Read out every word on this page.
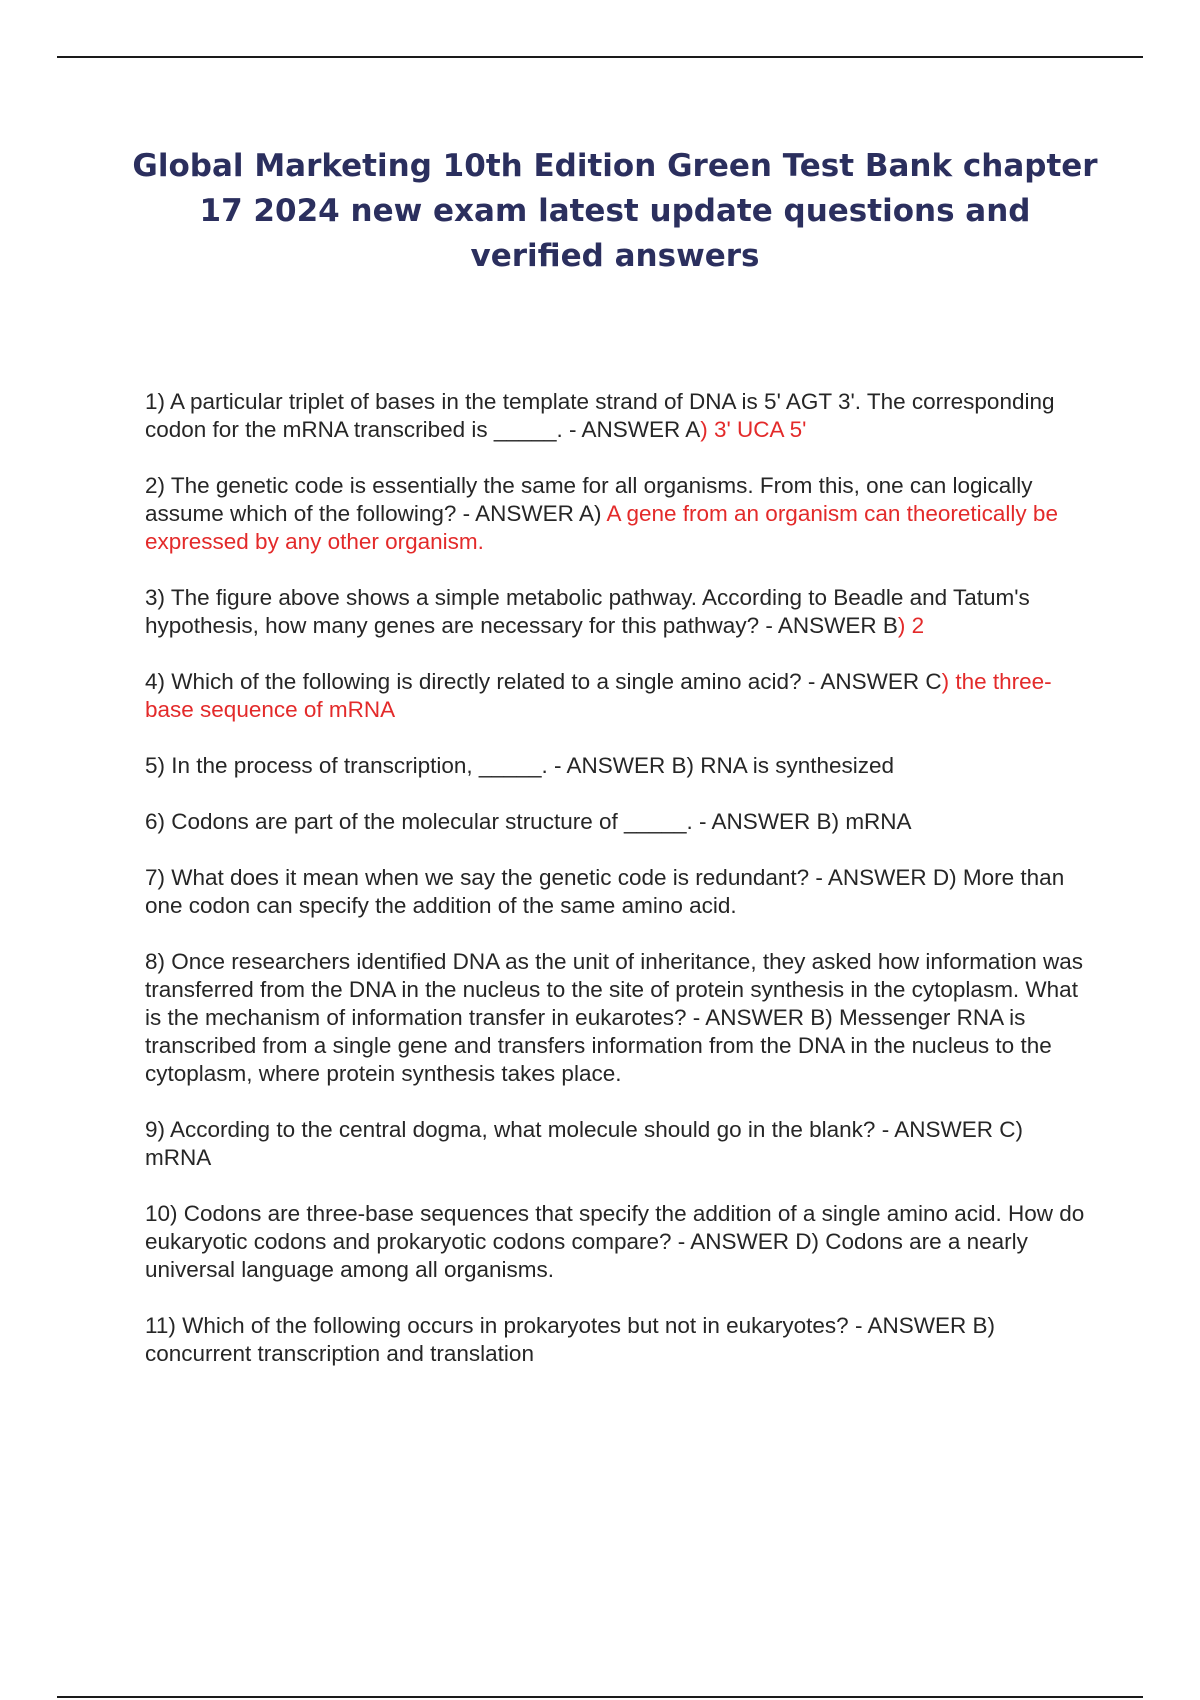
Global Marketing 10th Edition Green Test Bank chapter 17 2024 new exam latest update questions and verified answers
1) A particular triplet of bases in the template strand of DNA is 5' AGT 3'. The corresponding codon for the mRNA transcribed is _____. - ANSWER A) 3' UCA 5'
2) The genetic code is essentially the same for all organisms. From this, one can logically assume which of the following? - ANSWER A) A gene from an organism can theoretically be expressed by any other organism.
3) The figure above shows a simple metabolic pathway. According to Beadle and Tatum's hypothesis, how many genes are necessary for this pathway? - ANSWER B) 2
4) Which of the following is directly related to a single amino acid? - ANSWER C) the three-base sequence of mRNA
5) In the process of transcription, _____. - ANSWER B) RNA is synthesized
6) Codons are part of the molecular structure of _____. - ANSWER B) mRNA
7) What does it mean when we say the genetic code is redundant? - ANSWER D) More than one codon can specify the addition of the same amino acid.
8) Once researchers identified DNA as the unit of inheritance, they asked how information was transferred from the DNA in the nucleus to the site of protein synthesis in the cytoplasm. What is the mechanism of information transfer in eukarotes? - ANSWER B) Messenger RNA is transcribed from a single gene and transfers information from the DNA in the nucleus to the cytoplasm, where protein synthesis takes place.
9) According to the central dogma, what molecule should go in the blank? - ANSWER C) mRNA
10) Codons are three-base sequences that specify the addition of a single amino acid. How do eukaryotic codons and prokaryotic codons compare? - ANSWER D) Codons are a nearly universal language among all organisms.
11) Which of the following occurs in prokaryotes but not in eukaryotes? - ANSWER B) concurrent transcription and translation
